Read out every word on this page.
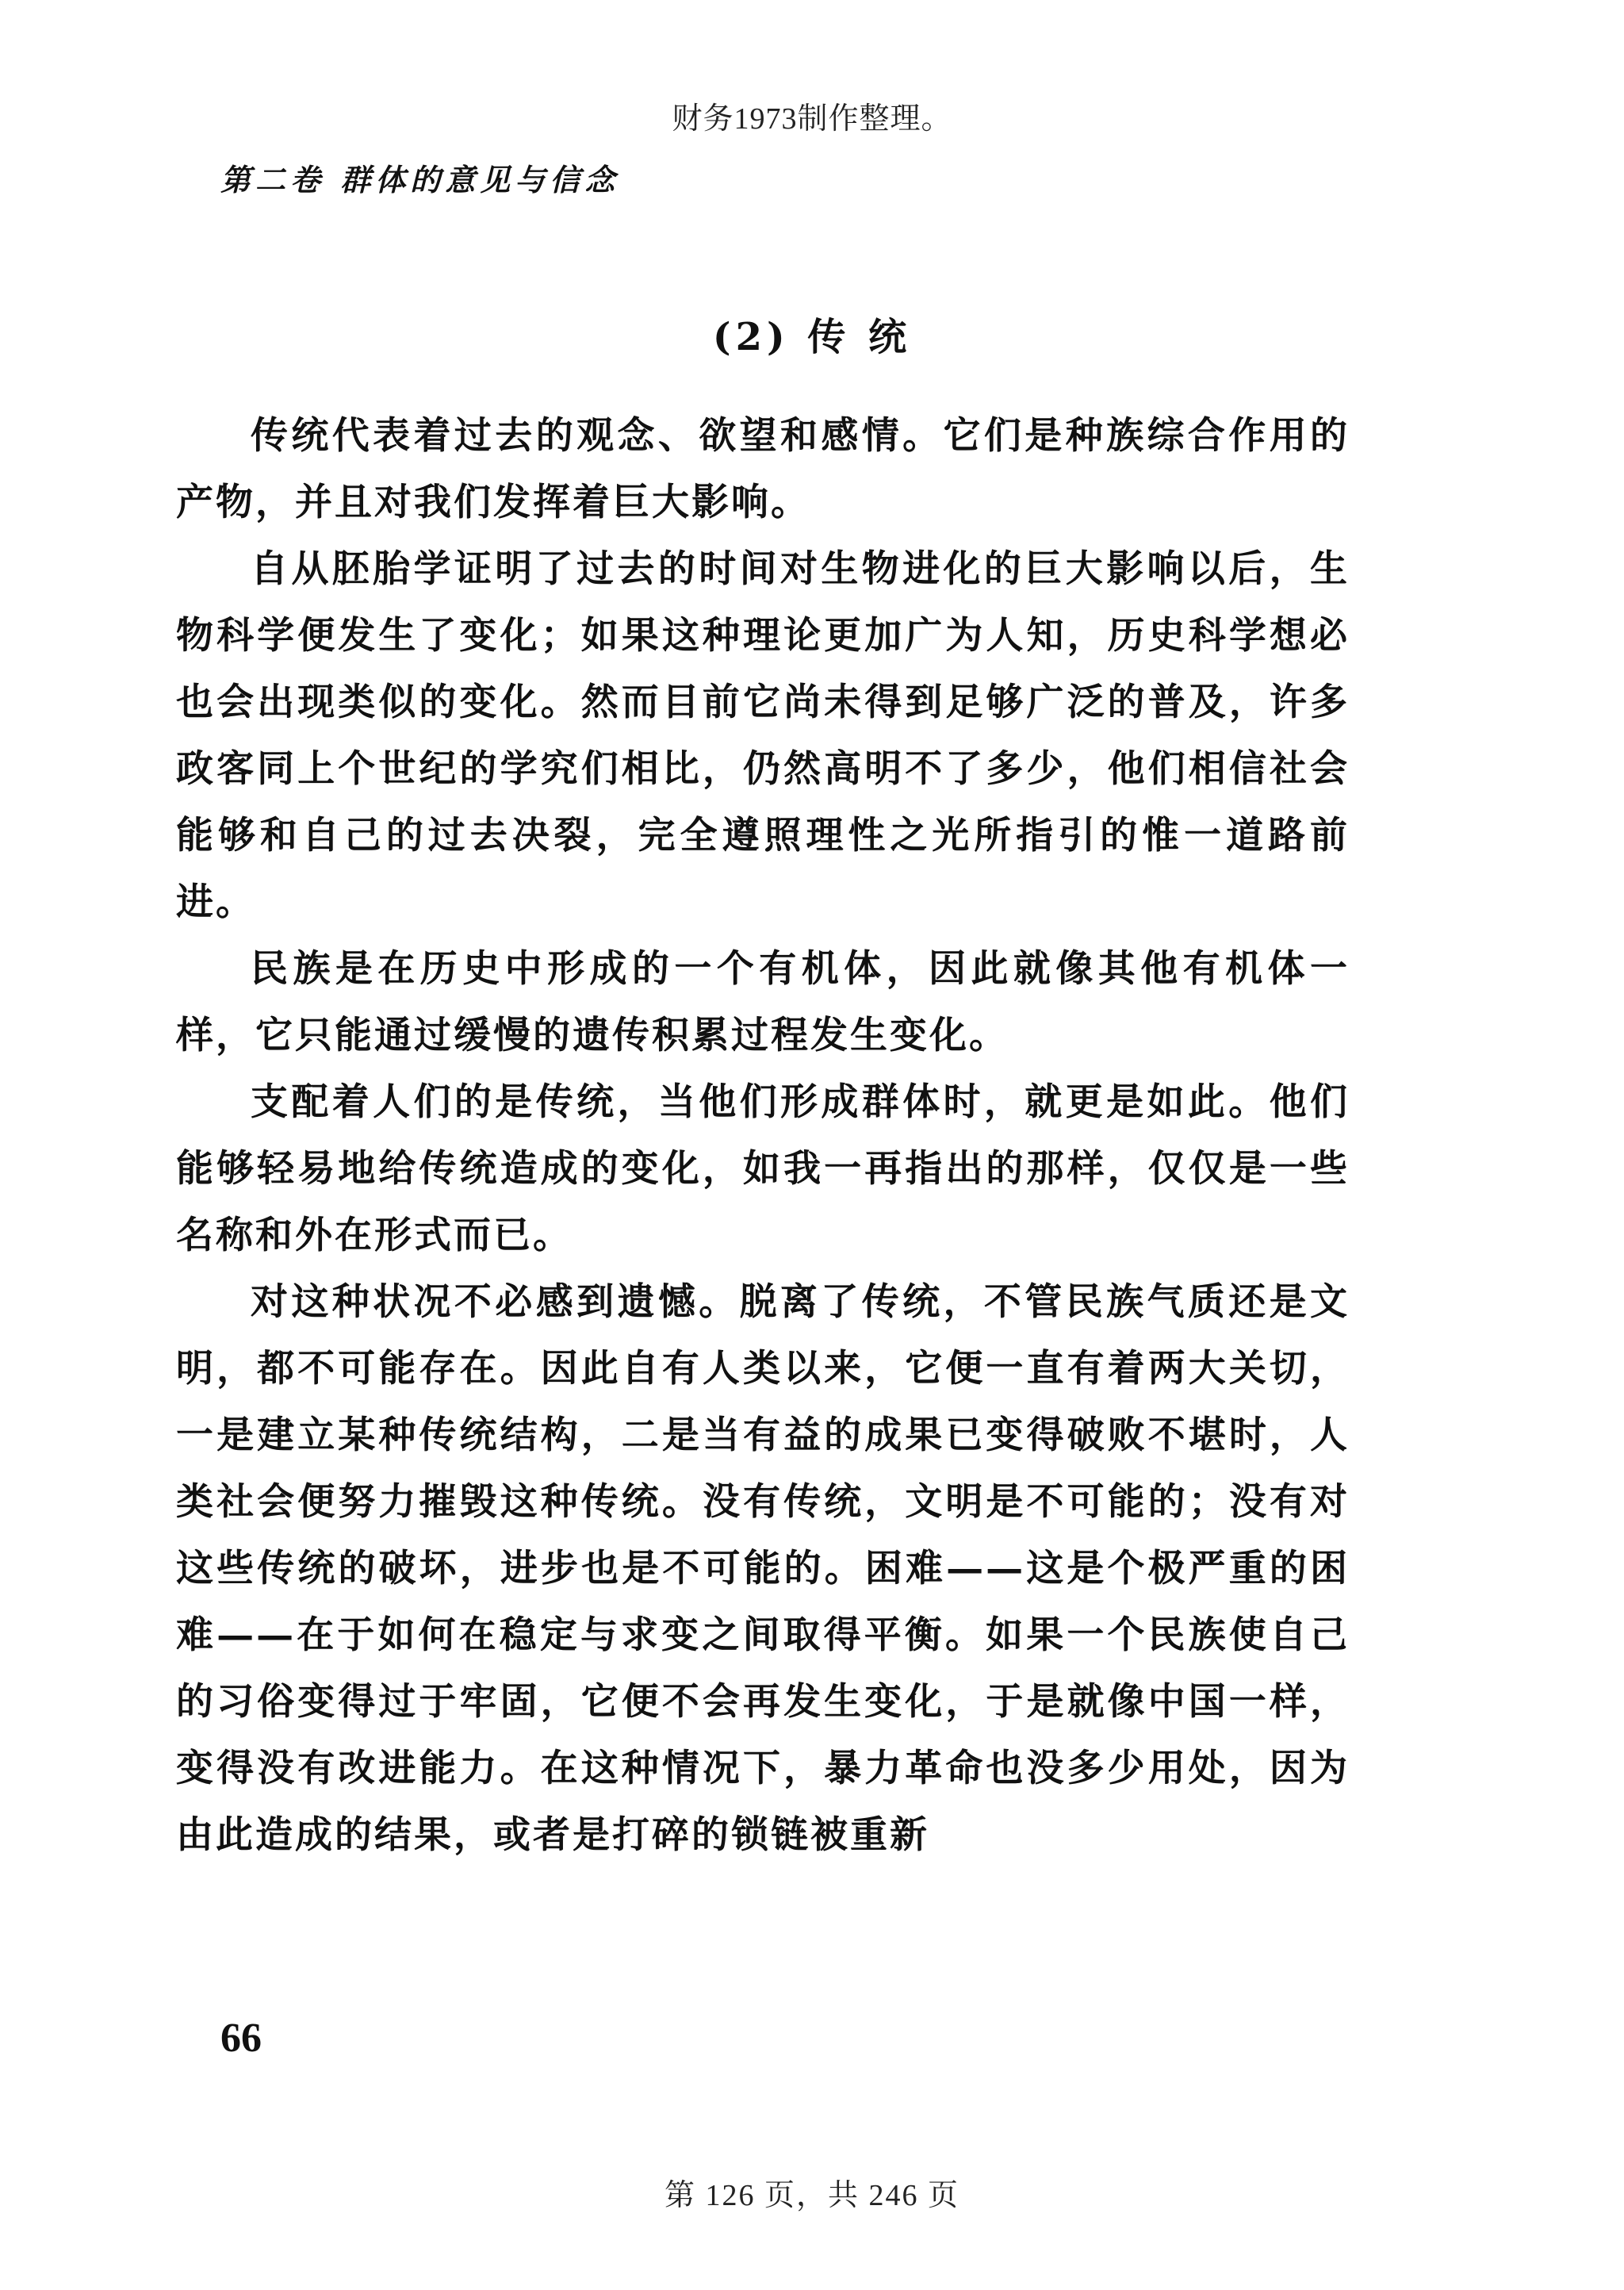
财务1973制作整理。
第二卷 群体的意见与信念
(2) 传 统

传统代表着过去的观念、欲望和感情。它们是种族综合作用的产物，并且对我们发挥着巨大影响。

自从胚胎学证明了过去的时间对生物进化的巨大影响以后，生物科学便发生了变化；如果这种理论更加广为人知，历史科学想必也会出现类似的变化。然而目前它尚未得到足够广泛的普及，许多政客同上个世纪的学究们相比，仍然高明不了多少，他们相信社会能够和自己的过去决裂，完全遵照理性之光所指引的惟一道路前进。

民族是在历史中形成的一个有机体，因此就像其他有机体一样，它只能通过缓慢的遗传积累过程发生变化。

支配着人们的是传统，当他们形成群体时，就更是如此。他们能够轻易地给传统造成的变化，如我一再指出的那样，仅仅是一些名称和外在形式而已。

对这种状况不必感到遗憾。脱离了传统，不管民族气质还是文明，都不可能存在。因此自有人类以来，它便一直有着两大关切，一是建立某种传统结构，二是当有益的成果已变得破败不堪时，人类社会便努力摧毁这种传统。没有传统，文明是不可能的；没有对这些传统的破坏，进步也是不可能的。困难——这是个极严重的困难——在于如何在稳定与求变之间取得平衡。如果一个民族使自己的习俗变得过于牢固，它便不会再发生变化，于是就像中国一样，变得没有改进能力。在这种情况下，暴力革命也没多少用处，因为由此造成的结果，或者是打碎的锁链被重新

66
第 126 页，共 246 页
